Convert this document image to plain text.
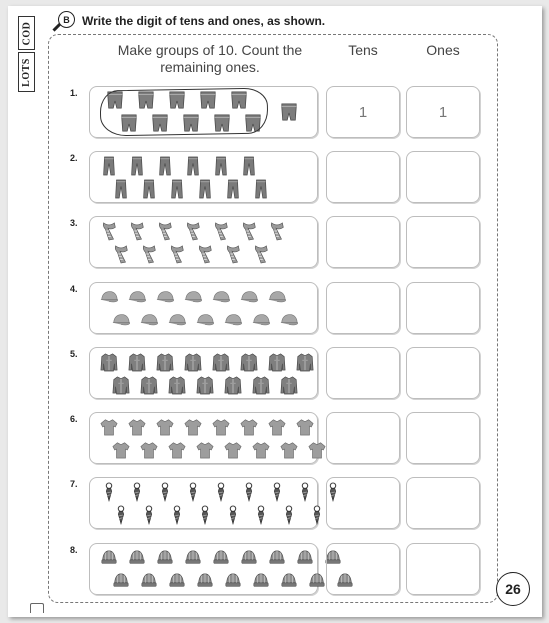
COD
LOTS
B	Write the digit of tens and ones, as shown.
Make groups of 10. Count the
remaining ones.
Tens	Ones
1.
1	1
2.
3.
4.
5.
6.
7.
8.
26
